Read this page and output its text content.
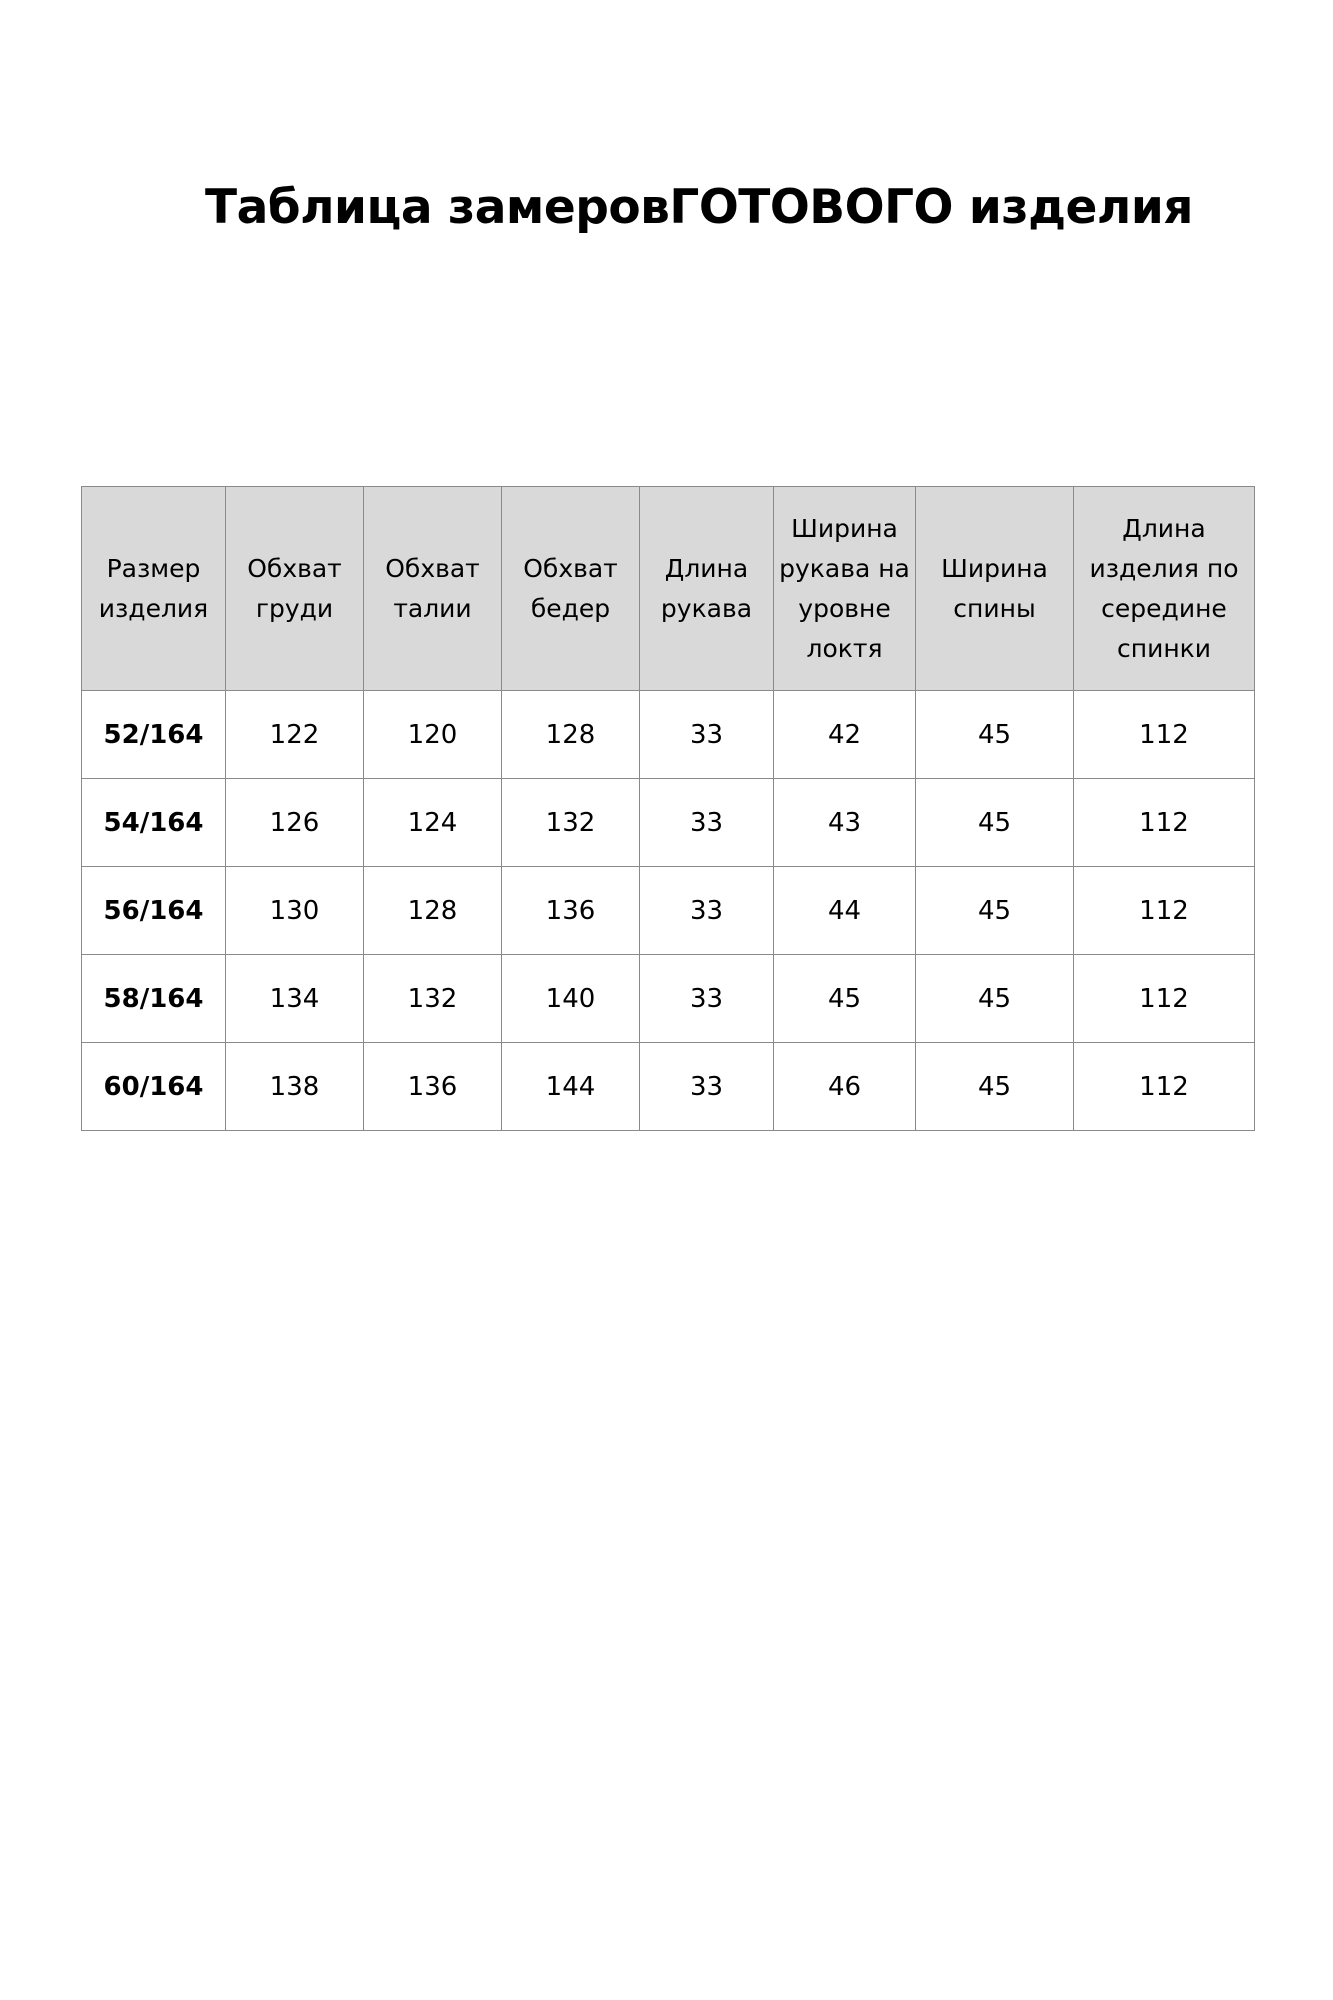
Таблица замеровГОТОВОГО изделия
Размер изделия	Обхват груди	Обхват талии	Обхват бедер	Длина рукава	Ширина рукава на уровне локтя	Ширина спины	Длина изделия по середине спинки
52/164	122	120	128	33	42	45	112
54/164	126	124	132	33	43	45	112
56/164	130	128	136	33	44	45	112
58/164	134	132	140	33	45	45	112
60/164	138	136	144	33	46	45	112
